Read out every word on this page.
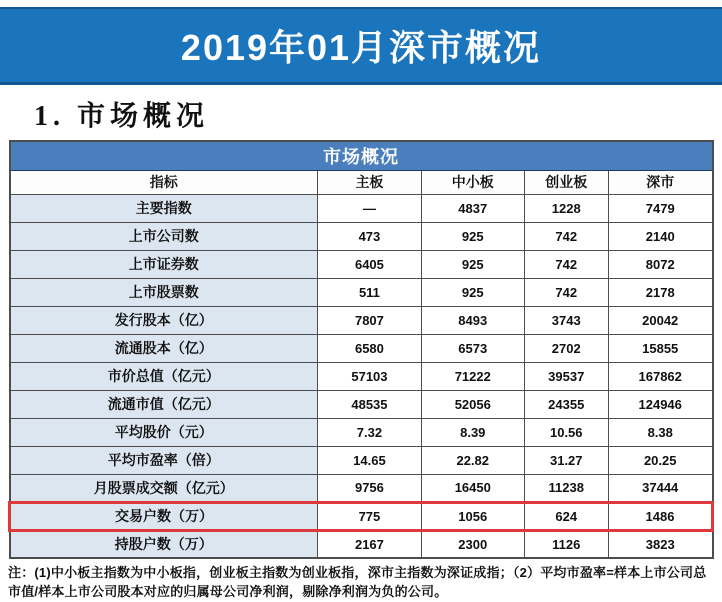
2019年01月深市概况
1. 市场概况
市场概况				
指标	主板	中小板	创业板	深市
主要指数	—	4837	1228	7479
上市公司数	473	925	742	2140
上市证券数	6405	925	742	8072
上市股票数	511	925	742	2178
发行股本（亿）	7807	8493	3743	20042
流通股本（亿）	6580	6573	2702	15855
市价总值（亿元）	57103	71222	39537	167862
流通市值（亿元）	48535	52056	24355	124946
平均股价（元）	7.32	8.39	10.56	8.38
平均市盈率（倍）	14.65	22.82	31.27	20.25
月股票成交额（亿元）	9756	16450	11238	37444
交易户数（万）	775	1056	624	1486
持股户数（万）	2167	2300	1126	3823
注：(1)中小板主指数为中小板指，创业板主指数为创业板指，深市主指数为深证成指；（2）平均市盈率=样本上市公司总市值/样本上市公司股本对应的归属母公司净利润，剔除净利润为负的公司。
